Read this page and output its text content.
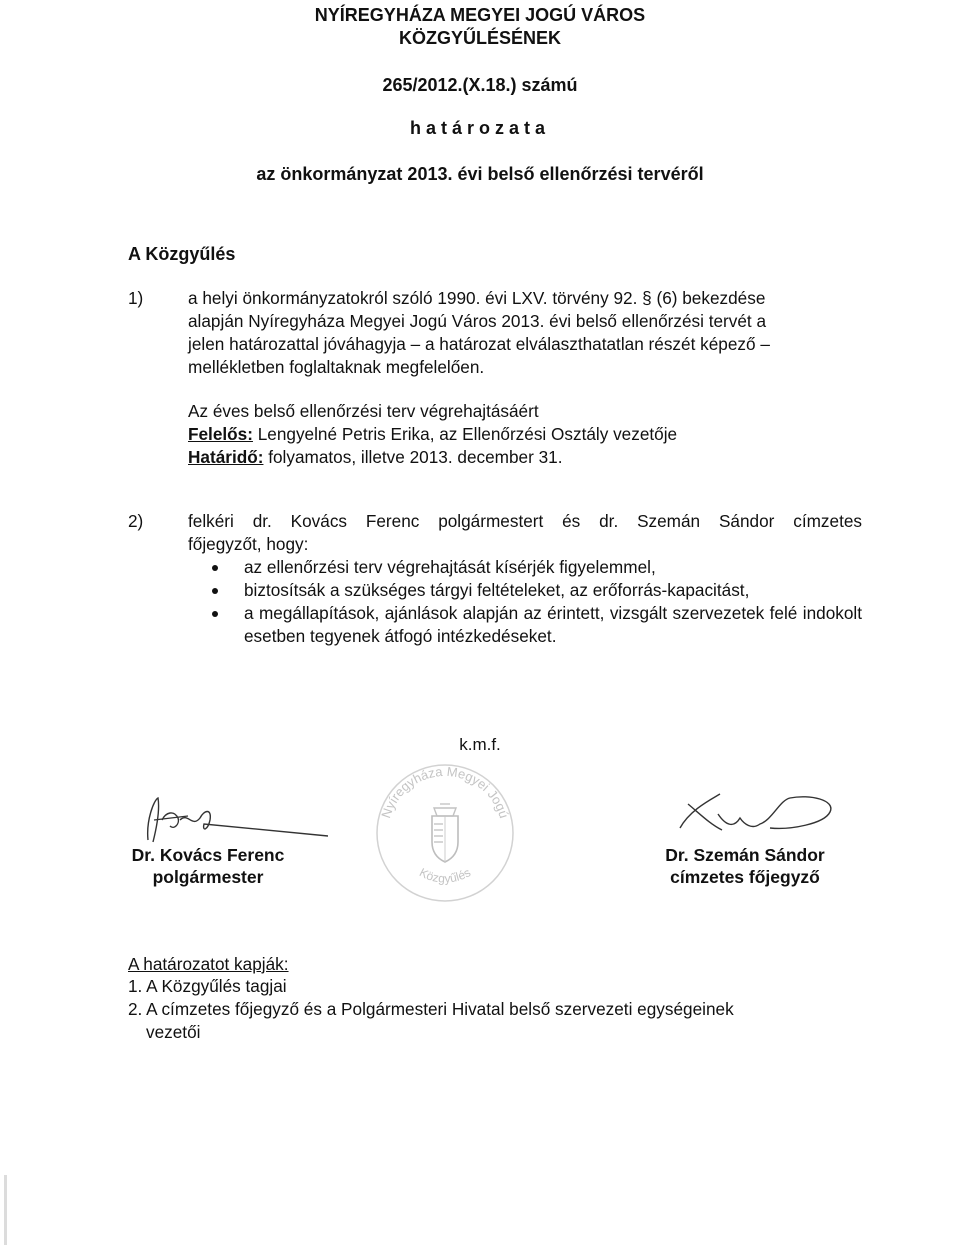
NYÍREGYHÁZA MEGYEI JOGÚ VÁROS
KÖZGYŰLÉSÉNEK
265/2012.(X.18.) számú
határozata
az önkormányzat 2013. évi belső ellenőrzési tervéről
A Közgyűlés
1)	a helyi önkormányzatokról szóló 1990. évi LXV. törvény 92. § (6) bekezdése
alapján Nyíregyháza Megyei Jogú Város 2013. évi belső ellenőrzési tervét a
jelen határozattal jóváhagyja – a határozat elválaszthatatlan részét képező –
mellékletben foglaltaknak megfelelően.
Az éves belső ellenőrzési terv végrehajtásáért
Felelős: Lengyelné Petris Erika, az Ellenőrzési Osztály vezetője
Határidő: folyamatos, illetve 2013. december 31.
2)	felkéri dr. Kovács Ferenc polgármestert és dr. Szemán Sándor címzetes
főjegyzőt, hogy:
az ellenőrzési terv végrehajtását kísérjék figyelemmel,
biztosítsák a szükséges tárgyi feltételeket, az erőforrás-kapacitást,
a megállapítások, ajánlások alapján az érintett, vizsgált szervezetek felé indokolt esetben tegyenek átfogó intézkedéseket.
k.m.f.
Nyíregyháza Megyei Jogú
Közgyűlés
Dr. Kovács Ferenc
polgármester
Dr. Szemán Sándor
címzetes főjegyző
A határozatot kapják:
1. A Közgyűlés tagjai
2. A címzetes főjegyző és a Polgármesteri Hivatal belső szervezeti egységeinek
vezetői
